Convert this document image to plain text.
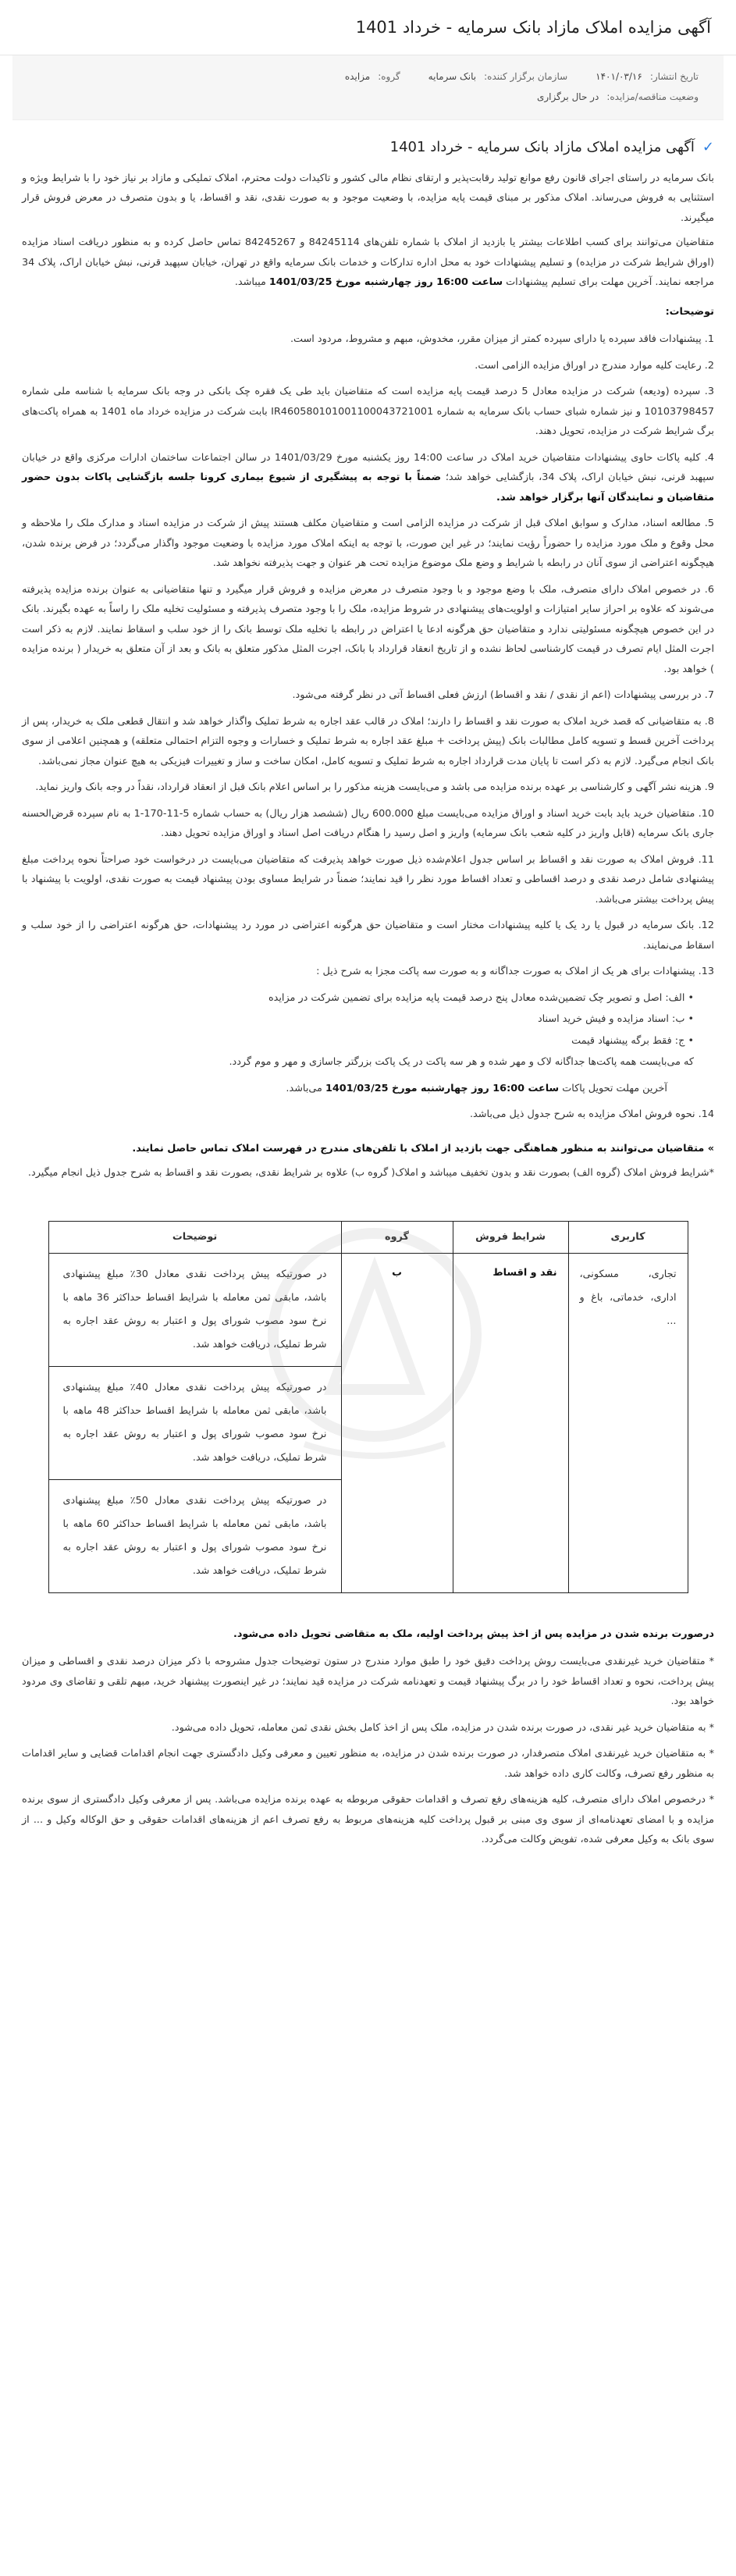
آگهی مزایده املاک مازاد بانک سرمایه - خرداد 1401
تاریخ انتشار:۱۴۰۱/۰۳/۱۶
سازمان برگزار کننده:بانک سرمایه
گروه:مزایده
وضعیت مناقصه/مزایده:در حال برگزاری
✓
آگهی مزایده املاک مازاد بانک سرمایه - خرداد 1401

بانک سرمایه در راستای اجرای قانون رفع موانع تولید رقابت‌پذیر و ارتقای نظام مالی کشور و تاکیدات دولت محترم، املاک تملیکی و مازاد بر نیاز خود را با شرایط ویژه و استثنایی به فروش می‌رساند. املاک مذکور بر مبنای قیمت پایه مزایده، با وضعیت موجود و به صورت نقدی، نقد و اقساط، یا و بدون متصرف در معرض فروش قرار میگیرند.

متقاضیان می‌توانند برای کسب اطلاعات بیشتر یا بازدید از املاک با شماره تلفن‌های 84245114 و 84245267 تماس حاصل کرده و به منظور دریافت اسناد مزایده (اوراق شرایط شرکت در مزایده) و تسلیم پیشنهادات خود به محل اداره تدارکات و خدمات بانک سرمایه واقع در تهران، خیابان سپهبد قرنی، نبش خیابان اراک، پلاک 34 مراجعه نمایند. آخرین مهلت برای تسلیم پیشنهادات ساعت 16:00 روز چهارشنبه مورخ 1401/03/25 میباشد.

توضیحات:

1. پیشنهادات فاقد سپرده یا دارای سپرده کمتر از میزان مقرر، مخدوش، مبهم و مشروط، مردود است.

2. رعایت کلیه موارد مندرج در اوراق مزایده الزامی است.

3. سپرده (ودیعه) شرکت در مزایده معادل 5 درصد قیمت پایه مزایده است که متقاضیان باید طی یک فقره چک بانکی در وجه بانک سرمایه با شناسه ملی شماره 10103798457 و نیز شماره شبای حساب بانک سرمایه به شماره IR460580101001100043721001 بابت شرکت در مزایده خرداد ماه 1401 به همراه پاکت‌های برگ شرایط شرکت در مزایده، تحویل دهند.

4. کلیه پاکات حاوی پیشنهادات متقاضیان خرید املاک در ساعت 14:00 روز یکشنبه مورخ 1401/03/29 در سالن اجتماعات ساختمان ادارات مرکزی واقع در خیابان سپهبد قرنی، نبش خیابان اراک، پلاک 34، بازگشایی خواهد شد؛ ضمناً با توجه به پیشگیری از شیوع بیماری کرونا جلسه بازگشایی پاکات بدون حضور متقاضیان و نمایندگان آنها برگزار خواهد شد.

5. مطالعه اسناد، مدارک و سوابق املاک قبل از شرکت در مزایده الزامی است و متقاضیان مکلف هستند پیش از شرکت در مزایده اسناد و مدارک ملک را ملاحظه و محل وقوع و ملک مورد مزایده را حضوراً رؤیت نمایند؛ در غیر این صورت، با توجه به اینکه املاک مورد مزایده با وضعیت موجود واگذار می‌گردد؛ در فرض برنده شدن، هیچگونه اعتراضی از سوی آنان در رابطه با شرایط و وضع ملک موضوع مزایده تحت هر عنوان و جهت پذیرفته نخواهد شد.

6. در خصوص املاک دارای متصرف، ملک با وضع موجود و با وجود متصرف در معرض مزایده و فروش قرار میگیرد و تنها متقاضیانی به عنوان برنده مزایده پذیرفته می‌شوند که علاوه بر احراز سایر امتیازات و اولویت‌های پیشنهادی در شروط مزایده، ملک را با وجود متصرف پذیرفته و مسئولیت تخلیه ملک را راساً به عهده بگیرند. بانک در این خصوص هیچگونه مسئولیتی ندارد و متقاضیان حق هرگونه ادعا یا اعتراض در رابطه با تخلیه ملک توسط بانک را از خود سلب و اسقاط نمایند. لازم به ذکر است اجرت المثل ایام تصرف در قیمت کارشناسی لحاظ نشده و از تاریخ انعقاد قرارداد با بانک، اجرت المثل مذکور متعلق به بانک و بعد از آن متعلق به خریدار ( برنده مزایده ) خواهد بود.

7. در بررسی پیشنهادات (اعم از نقدی / نقد و اقساط) ارزش فعلی اقساط آتی در نظر گرفته می‌شود.

8. به متقاضیانی که قصد خرید املاک به صورت نقد و اقساط را دارند؛ املاک در قالب عقد اجاره به شرط تملیک واگذار خواهد شد و انتقال قطعی ملک به خریدار، پس از پرداخت آخرین قسط و تسویه کامل مطالبات بانک (پیش پرداخت + مبلغ عقد اجاره به شرط تملیک و خسارات و وجوه التزام احتمالی متعلقه) و همچنین اعلامی از سوی بانک انجام می‌گیرد. لازم به ذکر است تا پایان مدت قرارداد اجاره به شرط تملیک و تسویه کامل، امکان ساخت و ساز و تغییرات فیزیکی به هیچ عنوان مجاز نمی‌باشد.

9. هزینه نشر آگهی و کارشناسی بر عهده برنده مزایده می باشد و می‌بایست هزینه مذکور را بر اساس اعلام بانک قبل از انعقاد قرارداد، نقداً در وجه بانک واریز نماید.

10. متقاضیان خرید باید بابت خرید اسناد و اوراق مزایده می‌بایست مبلغ 600.000 ریال (ششصد هزار ریال) به حساب شماره 5-11-170-1 به نام سپرده قرض‌الحسنه جاری بانک سرمایه (قابل واریز در کلیه شعب بانک سرمایه) واریز و اصل رسید را هنگام دریافت اصل اسناد و اوراق مزایده تحویل دهند.

11. فروش املاک به صورت نقد و اقساط بر اساس جدول اعلام‌شده ذیل صورت خواهد پذیرفت که متقاضیان می‌بایست در درخواست خود صراحتاً نحوه پرداخت مبلغ پیشنهادی شامل درصد نقدی و درصد اقساطی و تعداد اقساط مورد نظر را قید نمایند؛ ضمناً در شرایط مساوی بودن پیشنهاد قیمت به صورت نقدی، اولویت با پیشنهاد با پیش پرداخت بیشتر می‌باشد.

12. بانک سرمایه در قبول یا رد یک یا کلیه پیشنهادات مختار است و متقاضیان حق هرگونه اعتراضی در مورد رد پیشنهادات، حق هرگونه اعتراضی را از خود سلب و اسقاط می‌نمایند.

13. پیشنهادات برای هر یک از املاک به صورت جداگانه و به صورت سه پاکت مجزا به شرح ذیل :

• الف: اصل و تصویر چک تضمین‌شده معادل پنج درصد قیمت پایه مزایده برای تضمین شرکت در مزایده

• ب: اسناد مزایده و فیش خرید اسناد

• ج: فقط برگه پیشنهاد قیمت

که می‌بایست همه پاکت‌ها جداگانه لاک و مهر شده و هر سه پاکت در یک پاکت بزرگتر جاسازی و مهر و موم گردد.

آخرین مهلت تحویل پاکات ساعت 16:00 روز چهارشنبه مورخ 1401/03/25 می‌باشد.

14. نحوه فروش املاک مزایده به شرح جدول ذیل می‌باشد.

» متقاضیان می‌توانند به منظور هماهنگی جهت بازدید از املاک با تلفن‌های مندرج در فهرست املاک تماس حاصل نمایند.

*شرایط فروش املاک (گروه الف) بصورت نقد و بدون تخفیف میباشد و املاک( گروه ب) علاوه بر شرایط نقدی، بصورت نقد و اقساط به شرح جدول ذیل انجام میگیرد.

کاربری	شرایط فروش	گروه	توضیحات
تجاری، مسکونی، اداری، خدماتی، باغ و ...	نقد و اقساط	ب	در صورتیکه پیش پرداخت نقدی معادل 30٪ مبلغ پیشنهادی باشد، مابقی ثمن معامله با شرایط اقساط حداکثر 36 ماهه با نرخ سود مصوب شورای پول و اعتبار به روش عقد اجاره به شرط تملیک، دریافت خواهد شد.
در صورتیکه پیش پرداخت نقدی معادل 40٪ مبلغ پیشنهادی باشد، مابقی ثمن معامله با شرایط اقساط حداکثر 48 ماهه با نرخ سود مصوب شورای پول و اعتبار به روش عقد اجاره به شرط تملیک، دریافت خواهد شد.
در صورتیکه پیش پرداخت نقدی معادل 50٪ مبلغ پیشنهادی باشد، مابقی ثمن معامله با شرایط اقساط حداکثر 60 ماهه با نرخ سود مصوب شورای پول و اعتبار به روش عقد اجاره به شرط تملیک، دریافت خواهد شد.

درصورت برنده شدن در مزایده پس از اخذ پیش پرداخت اولیه، ملک به متقاضی تحویل داده می‌شود.

* متقاضیان خرید غیرنقدی می‌بایست روش پرداخت دقیق خود را طبق موارد مندرج در ستون توضیحات جدول مشروحه با ذکر میزان درصد نقدی و اقساطی و میزان پیش پرداخت، نحوه و تعداد اقساط خود را در برگ پیشنهاد قیمت و تعهدنامه شرکت در مزایده قید نمایند؛ در غیر اینصورت پیشنهاد خرید، مبهم تلقی و تقاضای وی مردود خواهد بود.

* به متقاضیان خرید غیر نقدی، در صورت برنده شدن در مزایده، ملک پس از اخذ کامل بخش نقدی ثمن معامله، تحویل داده می‌شود.

* به متقاضیان خرید غیرنقدی املاک متصرفدار، در صورت برنده شدن در مزایده، به منظور تعیین و معرفی وکیل دادگستری جهت انجام اقدامات قضایی و سایر اقدامات به منظور رفع تصرف، وکالت کاری داده خواهد شد.

* درخصوص املاک دارای متصرف، کلیه هزینه‌های رفع تصرف و اقدامات حقوقی مربوطه به عهده برنده مزایده می‌باشد. پس از معرفی وکیل دادگستری از سوی برنده مزایده و با امضای تعهدنامه‌ای از سوی وی مبنی بر قبول پرداخت کلیه هزینه‌های مربوط به رفع تصرف اعم از هزینه‌های اقدامات حقوقی و حق الوکاله وکیل و ... از سوی بانک به وکیل معرفی شده، تفویض وکالت می‌گردد.
